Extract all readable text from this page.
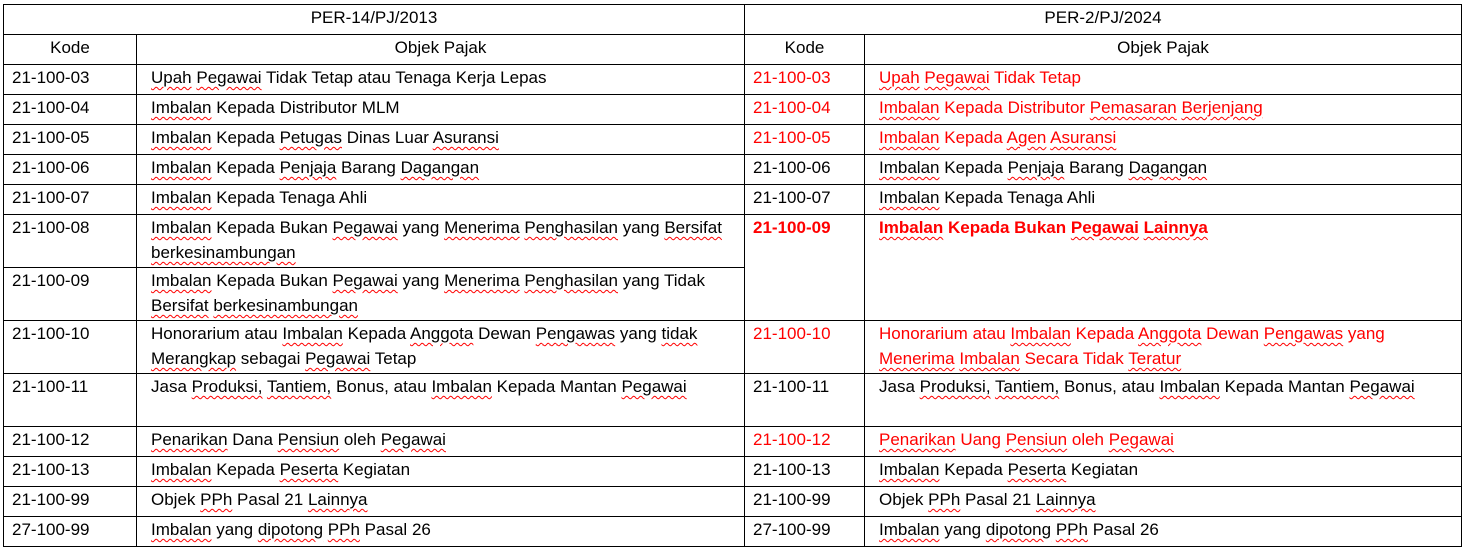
PER-14/PJ/2013		PER-2/PJ/2024	
Kode	Objek Pajak	Kode	Objek Pajak
21-100-03	Upah Pegawai Tidak Tetap atau Tenaga Kerja Lepas	21-100-03	Upah Pegawai Tidak Tetap
21-100-04	Imbalan Kepada Distributor MLM	21-100-04	Imbalan Kepada Distributor Pemasaran Berjenjang
21-100-05	Imbalan Kepada Petugas Dinas Luar Asuransi	21-100-05	Imbalan Kepada Agen Asuransi
21-100-06	Imbalan Kepada Penjaja Barang Dagangan	21-100-06	Imbalan Kepada Penjaja Barang Dagangan
21-100-07	Imbalan Kepada Tenaga Ahli	21-100-07	Imbalan Kepada Tenaga Ahli
21-100-08	Imbalan Kepada Bukan Pegawai yang Menerima Penghasilan yang Bersifat berkesinambungan	21-100-09	Imbalan Kepada Bukan Pegawai Lainnya
21-100-09	Imbalan Kepada Bukan Pegawai yang Menerima Penghasilan yang Tidak Bersifat berkesinambungan		
21-100-10	Honorarium atau Imbalan Kepada Anggota Dewan Pengawas yang tidak Merangkap sebagai Pegawai Tetap	21-100-10	Honorarium atau Imbalan Kepada Anggota Dewan Pengawas yang Menerima Imbalan Secara Tidak Teratur
21-100-11	Jasa Produksi, Tantiem, Bonus, atau Imbalan Kepada Mantan Pegawai	21-100-11	Jasa Produksi, Tantiem, Bonus, atau Imbalan Kepada Mantan Pegawai
21-100-12	Penarikan Dana Pensiun oleh Pegawai	21-100-12	Penarikan Uang Pensiun oleh Pegawai
21-100-13	Imbalan Kepada Peserta Kegiatan	21-100-13	Imbalan Kepada Peserta Kegiatan
21-100-99	Objek PPh Pasal 21 Lainnya	21-100-99	Objek PPh Pasal 21 Lainnya
27-100-99	Imbalan yang dipotong PPh Pasal 26	27-100-99	Imbalan yang dipotong PPh Pasal 26
